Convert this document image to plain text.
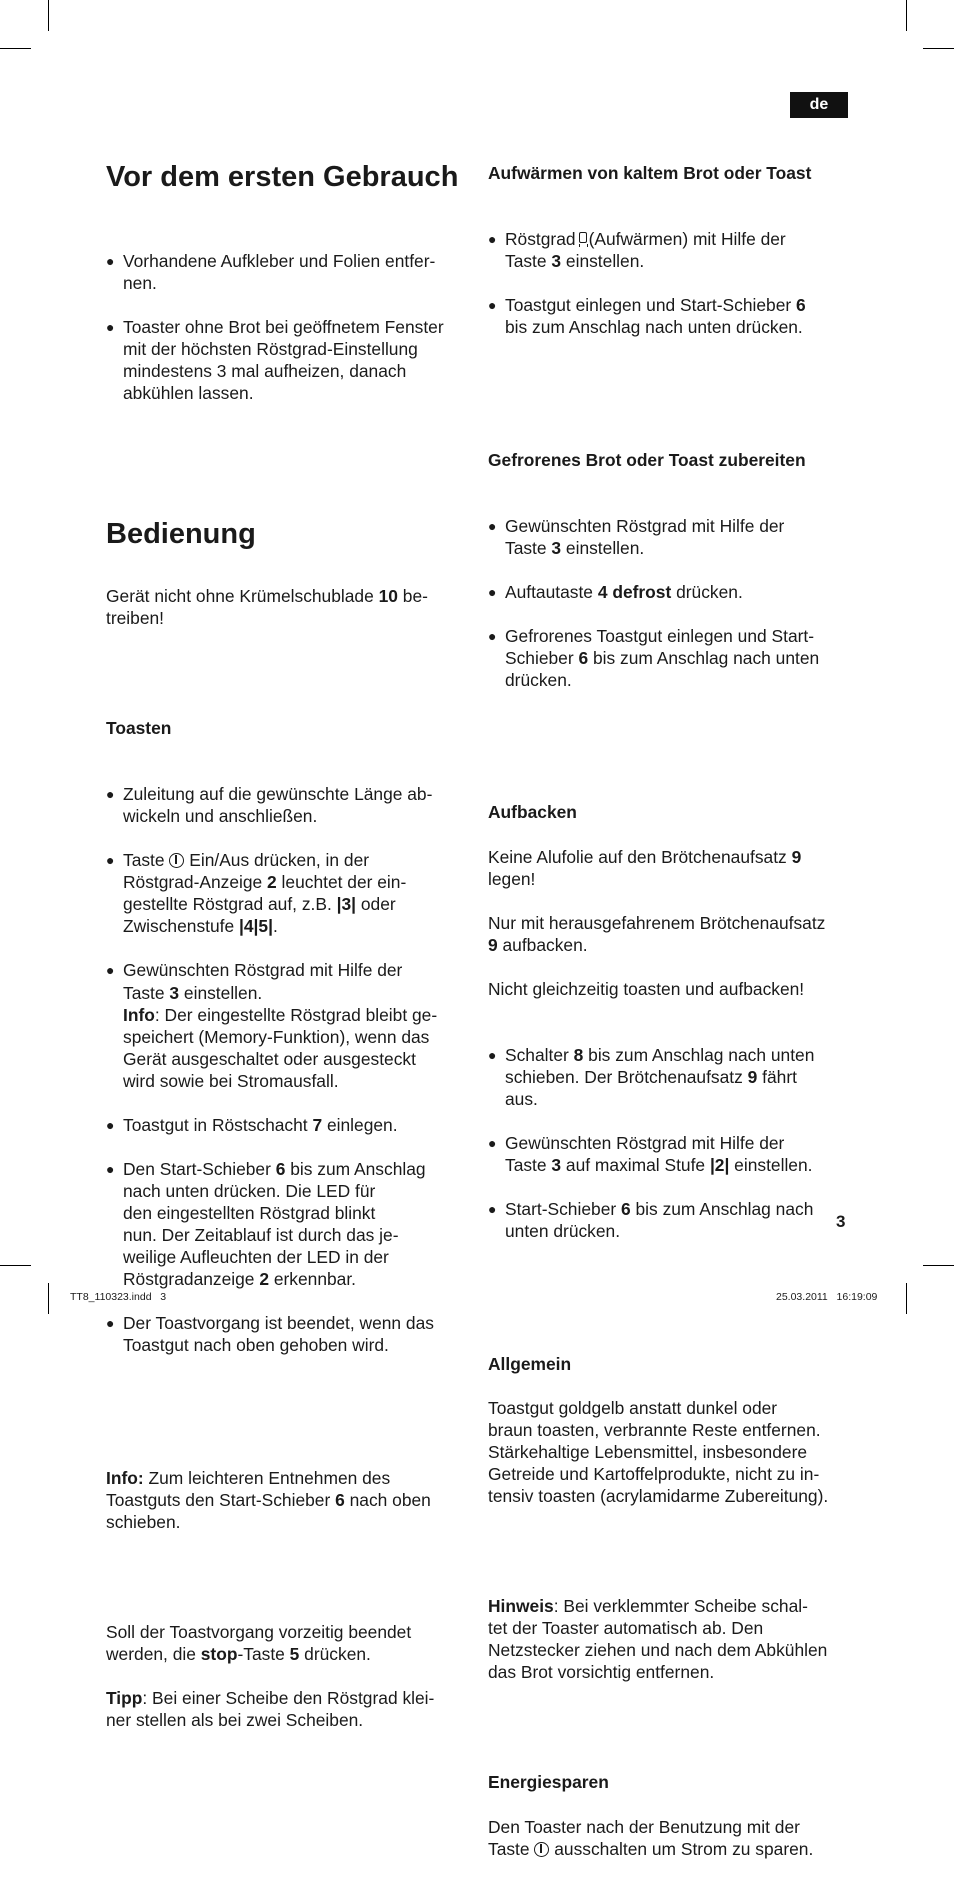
de

Vor dem ersten Gebrauch

● Vorhandene Aufkleber und Folien entfer-
nen.

● Toaster ohne Brot bei geöffnetem Fenster mit der höchsten Röstgrad-Einstellung mindestens 3 mal aufheizen, danach abkühlen lassen.

Bedienung

Gerät nicht ohne Krümelschublade 10 be-
treiben!

Toasten

● Zuleitung auf die gewünschte Länge ab-
wickeln und anschließen.

● Taste  Ein/Aus drücken, in der
Röstgrad-Anzeige 2 leuchtet der ein-
gestellte Röstgrad auf, z.B. |3| oder
Zwischenstufe |4|5|.

● Gewünschten Röstgrad mit Hilfe der
Taste 3 einstellen.
Info: Der eingestellte Röstgrad bleibt ge-
speichert (Memory-Funktion), wenn das
Gerät ausgeschaltet oder ausgesteckt
wird sowie bei Stromausfall.

● Toastgut in Röstschacht 7 einlegen.

● Den Start-Schieber 6 bis zum Anschlag
nach unten drücken. Die LED für
den eingestellten Röstgrad blinkt
nun. Der Zeitablauf ist durch das je-
weilige Aufleuchten der LED in der
Röstgradanzeige 2 erkennbar.

● Der Toastvorgang ist beendet, wenn das
Toastgut nach oben gehoben wird.

Info: Zum leichteren Entnehmen des
Toastguts den Start-Schieber 6 nach oben
schieben.

Soll der Toastvorgang vorzeitig beendet
werden, die stop-Taste 5 drücken.

Tipp: Bei einer Scheibe den Röstgrad klei-
ner stellen als bei zwei Scheiben.

Aufwärmen von kaltem Brot oder Toast

● Röstgrad (Aufwärmen) mit Hilfe der
Taste 3 einstellen.

● Toastgut einlegen und Start-Schieber 6
bis zum Anschlag nach unten drücken.

Gefrorenes Brot oder Toast zubereiten

● Gewünschten Röstgrad mit Hilfe der
Taste 3 einstellen.

● Auftautaste 4 defrost drücken.

● Gefrorenes Toastgut einlegen und Start-
Schieber 6 bis zum Anschlag nach unten
drücken.

Aufbacken

Keine Alufolie auf den Brötchenaufsatz 9
legen!

Nur mit herausgefahrenem Brötchenaufsatz
9 aufbacken.

Nicht gleichzeitig toasten und aufbacken!

● Schalter 8 bis zum Anschlag nach unten
schieben. Der Brötchenaufsatz 9 fährt
aus.

● Gewünschten Röstgrad mit Hilfe der
Taste 3 auf maximal Stufe |2| einstellen.

● Start-Schieber 6 bis zum Anschlag nach
unten drücken.

Allgemein

Toastgut goldgelb anstatt dunkel oder
braun toasten, verbrannte Reste entfernen.
Stärkehaltige Lebensmittel, insbesondere
Getreide und Kartoffelprodukte, nicht zu in-
tensiv toasten (acrylamidarme Zubereitung).

Hinweis: Bei verklemmter Scheibe schal-
tet der Toaster automatisch ab. Den
Netzstecker ziehen und nach dem Abkühlen
das Brot vorsichtig entfernen.

Energiesparen

Den Toaster nach der Benutzung mit der
Taste  ausschalten um Strom zu sparen.

3
TT8_110323.indd   3	25.03.2011   16:19:09
